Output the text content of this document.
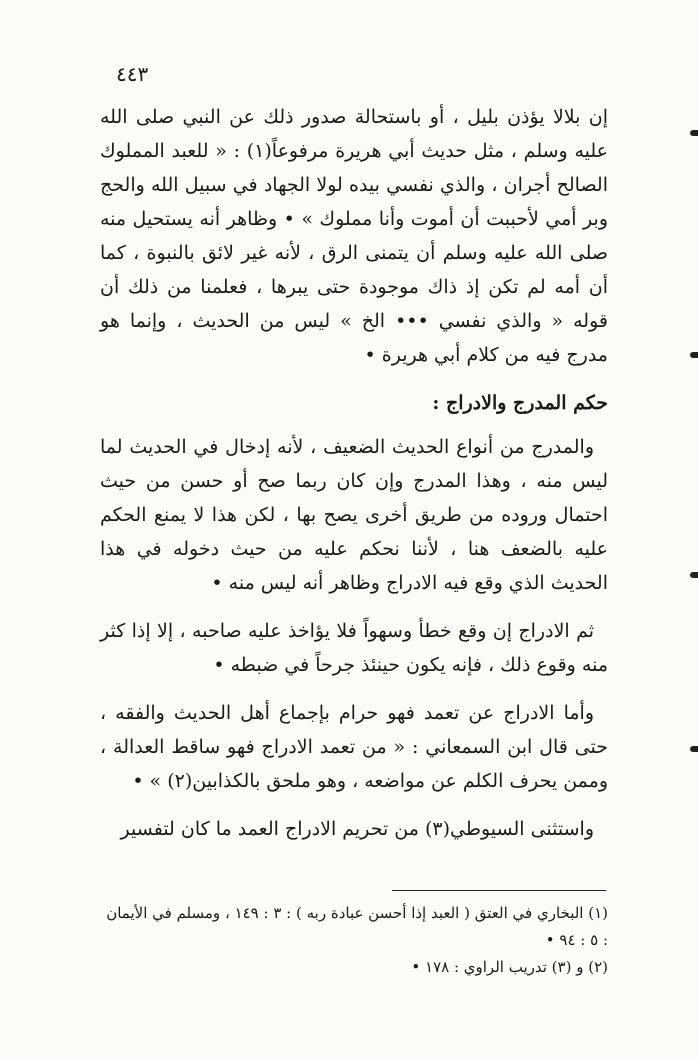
٤٤٣

إن بلالا يؤذن بليل ، أو باستحالة صدور ذلك عن النبي صلى الله عليه وسلم ، مثل حديث أبي هريرة مرفوعاً(١) : « للعبد المملوك الصالح أجران ، والذي نفسي بيده لولا الجهاد في سبيل الله والحج وبر أمي لأحببت أن أموت وأنا مملوك » • وظاهر أنه يستحيل منه صلى الله عليه وسلم أن يتمنى الرق ، لأنه غير لائق بالنبوة ، كما أن أمه لم تكن إذ ذاك موجودة حتى يبرها ، فعلمنا من ذلك أن قوله « والذي نفسي ••• الخ » ليس من الحديث ، وإنما هو مدرج فيه من كلام أبي هريرة •

حكم المدرج والادراج :

والمدرج من أنواع الحديث الضعيف ، لأنه إدخال في الحديث لما ليس منه ، وهذا المدرج وإن كان ربما صح أو حسن من حيث احتمال وروده من طريق أخرى يصح بها ، لكن هذا لا يمنع الحكم عليه بالضعف هنا ، لأننا نحكم عليه من حيث دخوله في هذا الحديث الذي وقع فيه الادراج وظاهر أنه ليس منه •

ثم الادراج إن وقع خطأ وسهواً فلا يؤاخذ عليه صاحبه ، إلا إذا كثر منه وقوع ذلك ، فإنه يكون حينئذ جرحاً في ضبطه •

وأما الادراج عن تعمد فهو حرام بإجماع أهل الحديث والفقه ، حتى قال ابن السمعاني : « من تعمد الادراج فهو ساقط العدالة ، وممن يحرف الكلم عن مواضعه ، وهو ملحق بالكذابين(٢) » •

واستثنى السيوطي(٣) من تحريم الادراج العمد ما كان لتفسير

(١) البخاري في العتق ( العبد إذا أحسن عبادة ربه ) : ٣ : ١٤٩ ، ومسلم في الأيمان : ٥ : ٩٤ •

(٢) و (٣) تدريب الراوي : ١٧٨ •
